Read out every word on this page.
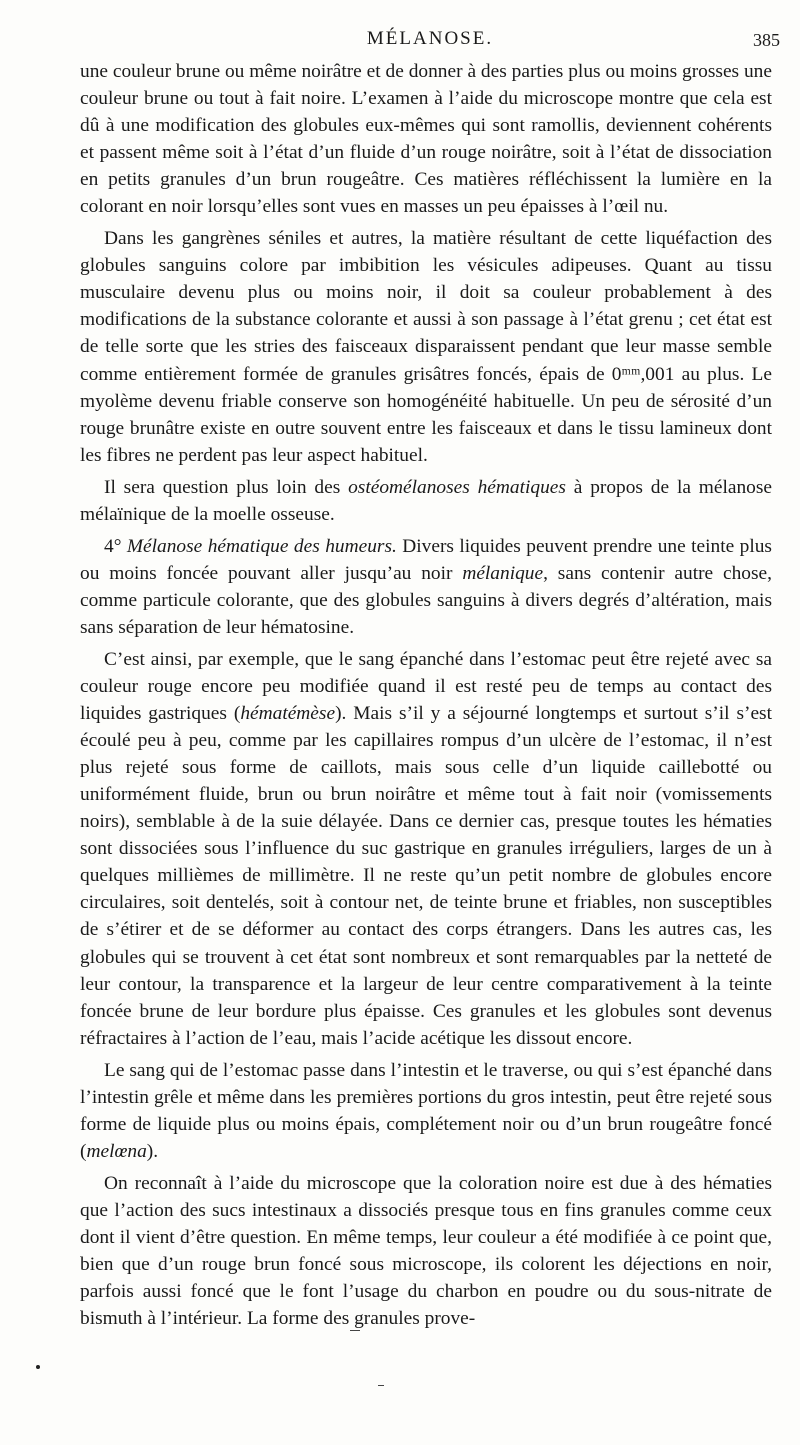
MÉLANOSE.	385

une couleur brune ou même noirâtre et de donner à des parties plus ou moins grosses une couleur brune ou tout à fait noire. L’examen à l’aide du microscope montre que cela est dû à une modification des globules eux-mêmes qui sont ramollis, deviennent cohérents et passent même soit à l’état d’un fluide d’un rouge noirâtre, soit à l’état de dissociation en petits granules d’un brun rougeâtre. Ces matières réfléchissent la lumière en la colorant en noir lorsqu’elles sont vues en masses un peu épaisses à l’œil nu.

Dans les gangrènes séniles et autres, la matière résultant de cette liquéfaction des globules sanguins colore par imbibition les vésicules adipeuses. Quant au tissu musculaire devenu plus ou moins noir, il doit sa couleur probablement à des modifications de la substance colorante et aussi à son passage à l’état grenu ; cet état est de telle sorte que les stries des faisceaux disparaissent pendant que leur masse semble comme entièrement formée de granules grisâtres foncés, épais de 0ᵐᵐ,001 au plus. Le myolème devenu friable conserve son homogénéité habituelle. Un peu de sérosité d’un rouge brunâtre existe en outre souvent entre les faisceaux et dans le tissu lamineux dont les fibres ne perdent pas leur aspect habituel.

Il sera question plus loin des ostéomélanoses hématiques à propos de la mélanose mélaïnique de la moelle osseuse.

4° Mélanose hématique des humeurs. Divers liquides peuvent prendre une teinte plus ou moins foncée pouvant aller jusqu’au noir mélanique, sans contenir autre chose, comme particule colorante, que des globules sanguins à divers degrés d’altération, mais sans séparation de leur hématosine.

C’est ainsi, par exemple, que le sang épanché dans l’estomac peut être rejeté avec sa couleur rouge encore peu modifiée quand il est resté peu de temps au contact des liquides gastriques (hématémèse). Mais s’il y a séjourné longtemps et surtout s’il s’est écoulé peu à peu, comme par les capillaires rompus d’un ulcère de l’estomac, il n’est plus rejeté sous forme de caillots, mais sous celle d’un liquide caillebotté ou uniformément fluide, brun ou brun noirâtre et même tout à fait noir (vomissements noirs), semblable à de la suie délayée. Dans ce dernier cas, presque toutes les hématies sont dissociées sous l’influence du suc gastrique en granules irréguliers, larges de un à quelques millièmes de millimètre. Il ne reste qu’un petit nombre de globules encore circulaires, soit dentelés, soit à contour net, de teinte brune et friables, non susceptibles de s’étirer et de se déformer au contact des corps étrangers. Dans les autres cas, les globules qui se trouvent à cet état sont nombreux et sont remarquables par la netteté de leur contour, la transparence et la largeur de leur centre comparativement à la teinte foncée brune de leur bordure plus épaisse. Ces granules et les globules sont devenus réfractaires à l’action de l’eau, mais l’acide acétique les dissout encore.

Le sang qui de l’estomac passe dans l’intestin et le traverse, ou qui s’est épanché dans l’intestin grêle et même dans les premières portions du gros intestin, peut être rejeté sous forme de liquide plus ou moins épais, complétement noir ou d’un brun rougeâtre foncé (melœna).

On reconnaît à l’aide du microscope que la coloration noire est due à des hématies que l’action des sucs intestinaux a dissociés presque tous en fins granules comme ceux dont il vient d’être question. En même temps, leur couleur a été modifiée à ce point que, bien que d’un rouge brun foncé sous microscope, ils colorent les déjections en noir, parfois aussi foncé que le font l’usage du charbon en poudre ou du sous-nitrate de bismuth à l’intérieur. La forme des granules prove-
